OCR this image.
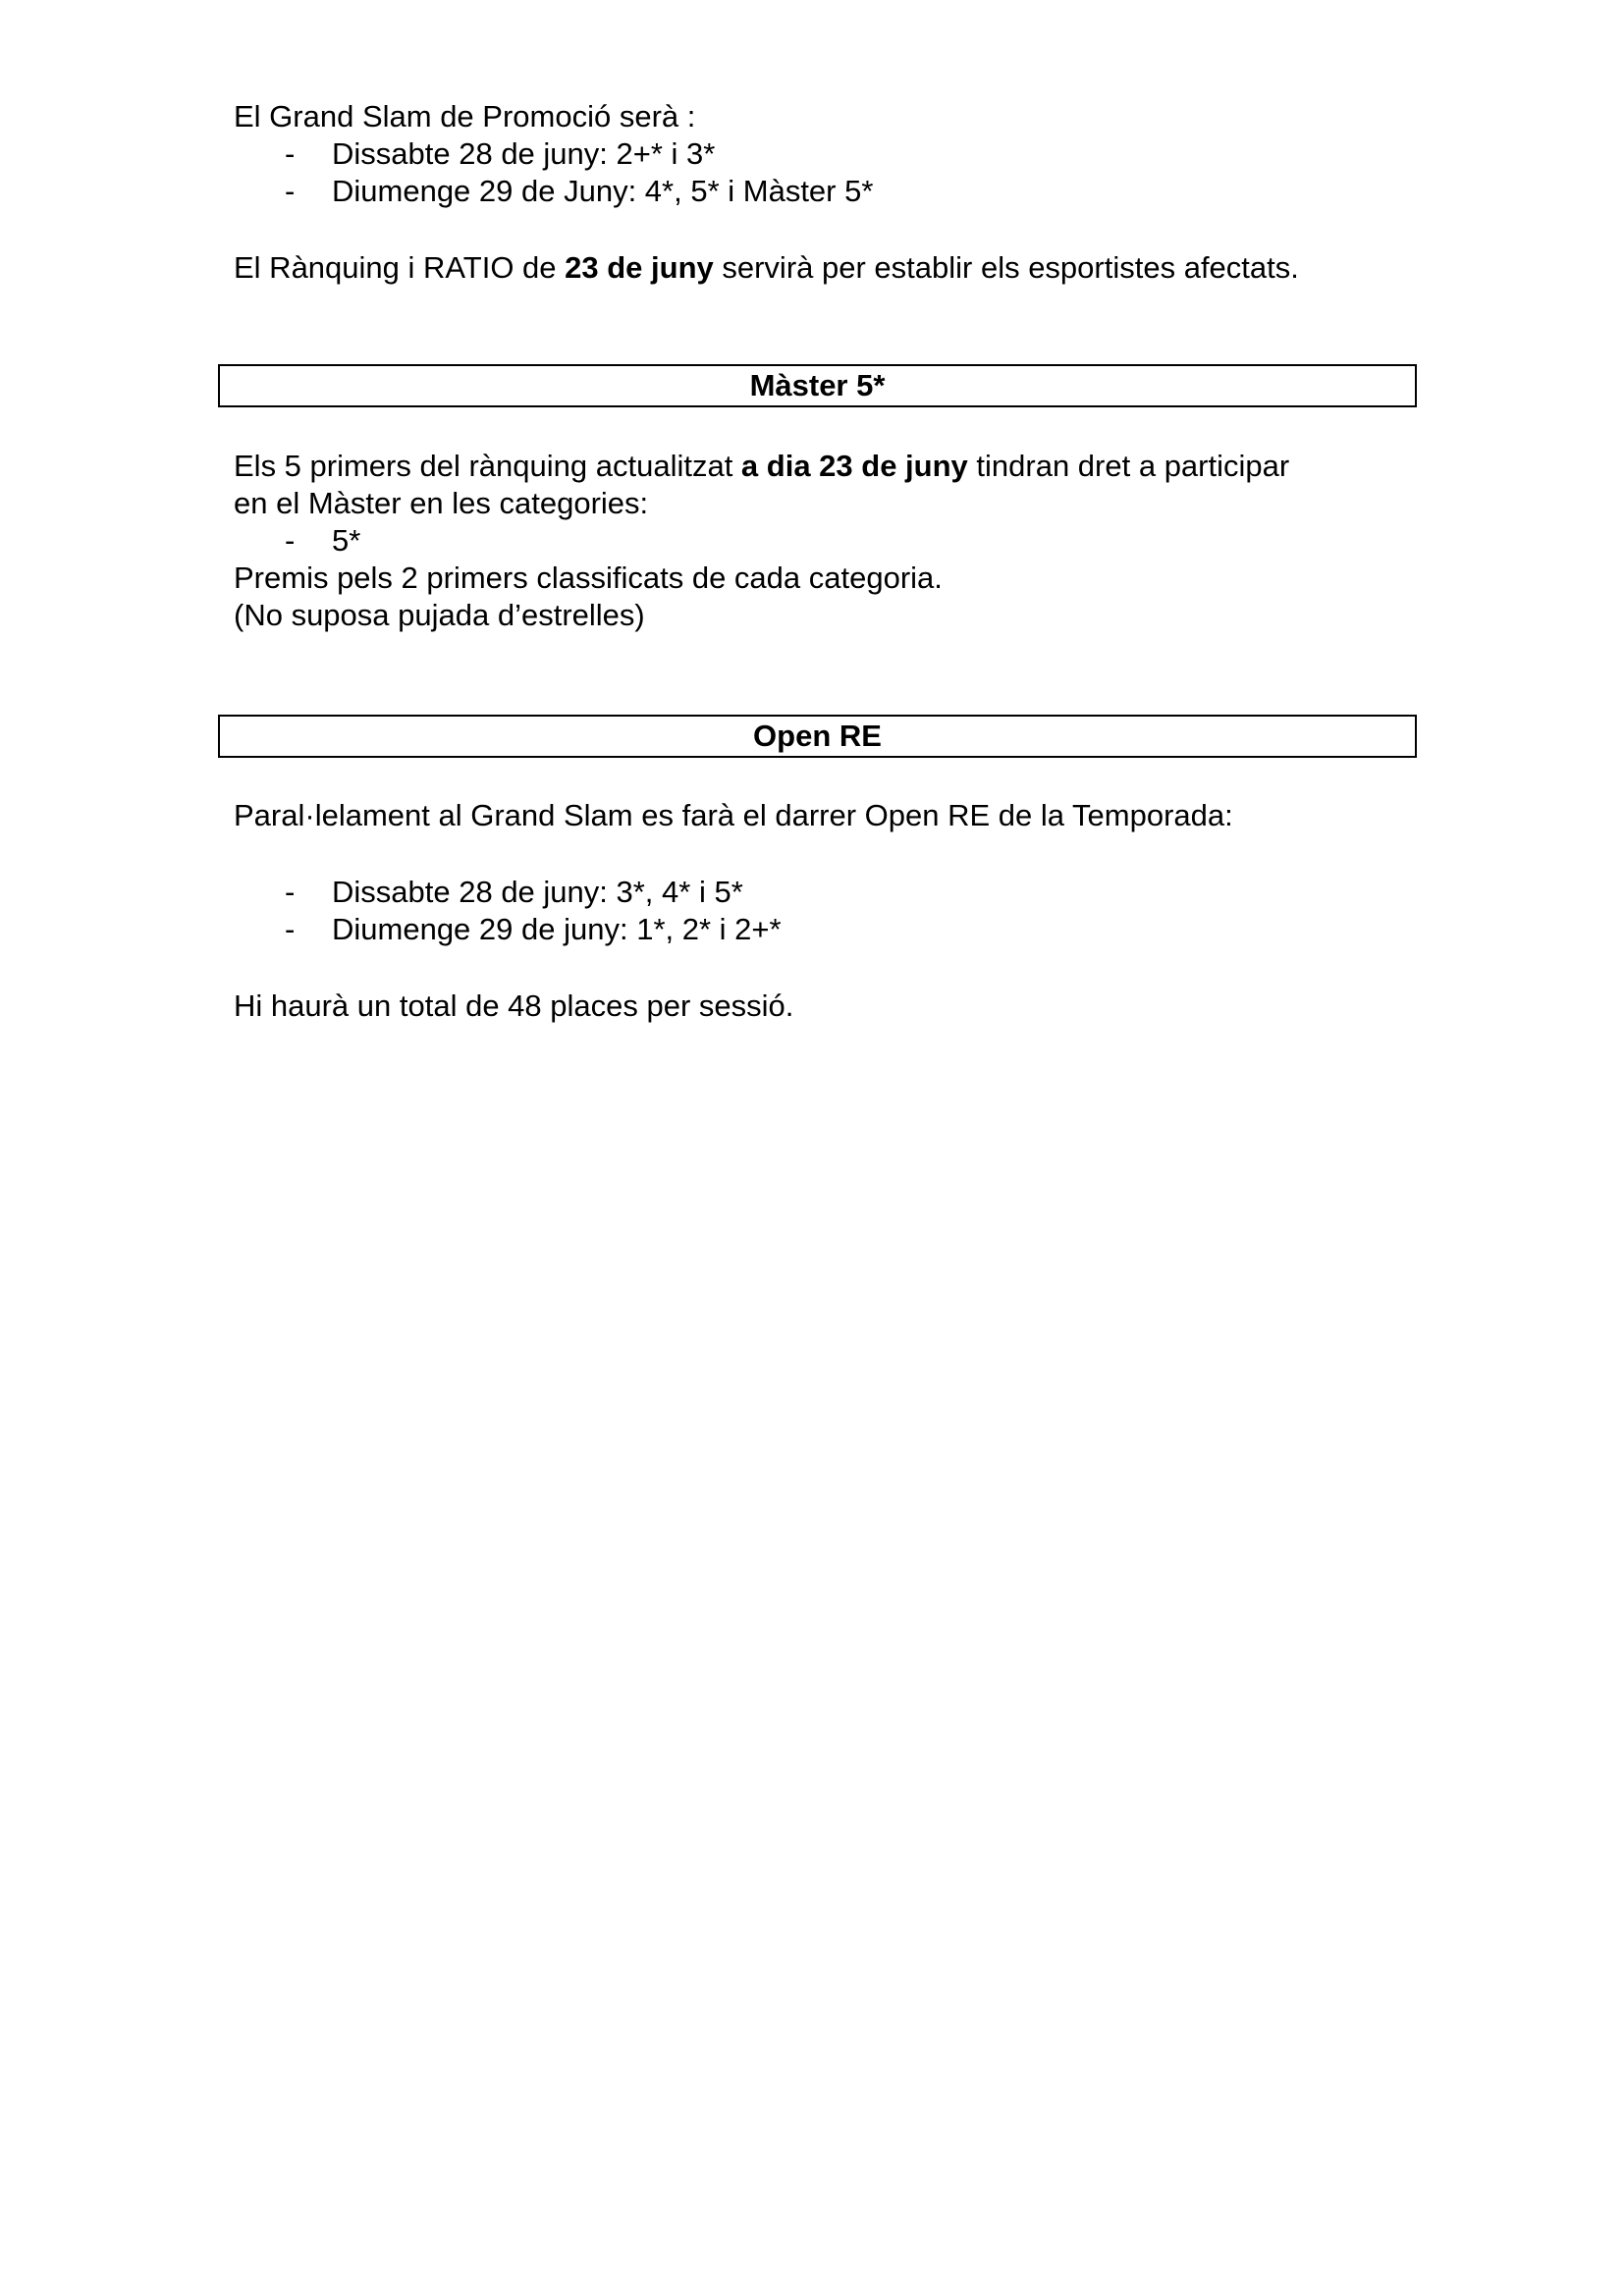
El Grand Slam de Promoció serà :
- Dissabte 28 de juny: 2+* i 3*
- Diumenge 29 de Juny: 4*, 5* i Màster 5*
El Rànquing i RATIO de 23 de juny servirà per establir els esportistes afectats.
Màster 5*
Els 5 primers del rànquing actualitzat a dia 23 de juny tindran dret a participar
en el Màster en les categories:
- 5*
Premis pels 2 primers classificats de cada categoria.
(No suposa pujada d’estrelles)
Open RE
Paral·lelament al Grand Slam es farà el darrer Open RE de la Temporada:
- Dissabte 28 de juny: 3*, 4* i 5*
- Diumenge 29 de juny: 1*, 2* i 2+*
Hi haurà un total de 48 places per sessió.
